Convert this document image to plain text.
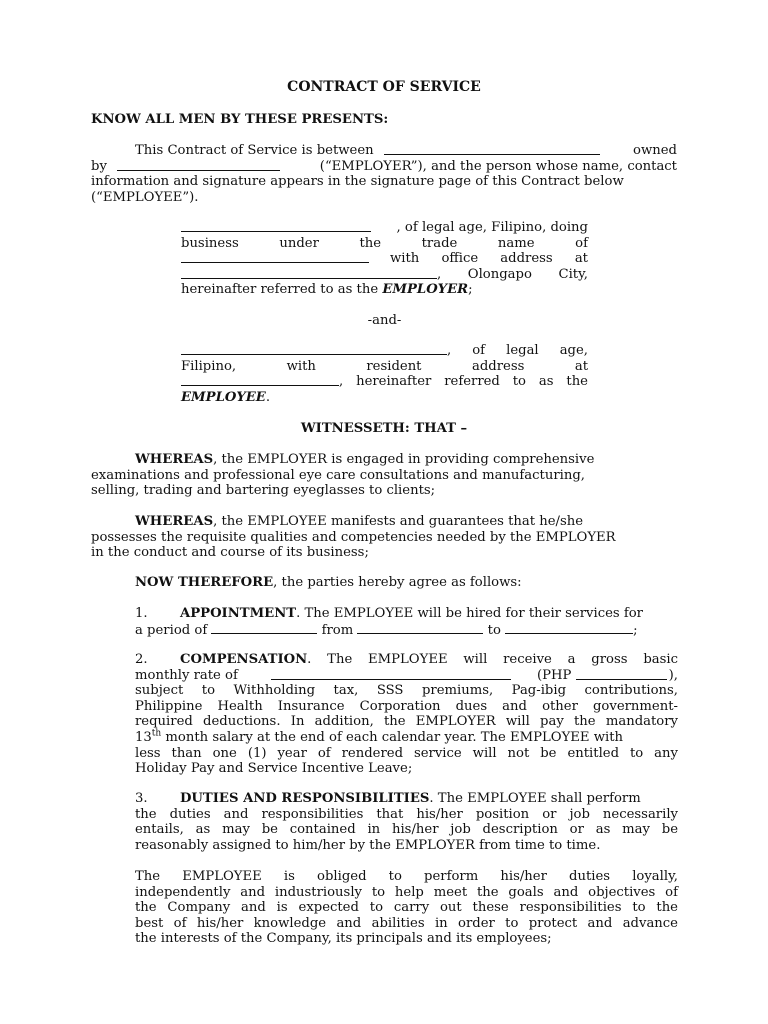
CONTRACT OF SERVICE
KNOW ALL MEN BY THESE PRESENTS:
This Contract of Service is between	owned
by	(“EMPLOYER”), and the person whose name, contact
information and signature appears in the signature page of this Contract below
(“EMPLOYEE”).
, of legal age, Filipino, doing
business under the trade name of
with office address at
, Olongapo City,
hereinafter referred to as the EMPLOYER;
-and-
, of legal age,
Filipino, with resident address at
, hereinafter referred to as the
EMPLOYEE.
WITNESSETH: THAT –
WHEREAS, the EMPLOYER is engaged in providing comprehensive
examinations and professional eye care consultations and manufacturing,
selling, trading and bartering eyeglasses to clients;
WHEREAS, the EMPLOYEE manifests and guarantees that he/she
possesses the requisite qualities and competencies needed by the EMPLOYER
in the conduct and course of its business;
NOW THEREFORE, the parties hereby agree as follows:
1. APPOINTMENT. The EMPLOYEE will be hired for their services for
a period of	from	to	;
2.	COMPENSATION. The EMPLOYEE will receive a gross basic
monthly rate of	(PHP	),
subject to Withholding tax, SSS premiums, Pag-ibig contributions,
Philippine Health Insurance Corporation dues and other government-
required deductions. In addition, the EMPLOYER will pay the mandatory
13th month salary at the end of each calendar year. The EMPLOYEE with
less than one (1) year of rendered service will not be entitled to any
Holiday Pay and Service Incentive Leave;
3. DUTIES AND RESPONSIBILITIES. The EMPLOYEE shall perform
the duties and responsibilities that his/her position or job necessarily
entails, as may be contained in his/her job description or as may be
reasonably assigned to him/her by the EMPLOYER from time to time.
The EMPLOYEE is obliged to perform his/her duties loyally,
independently and industriously to help meet the goals and objectives of
the Company and is expected to carry out these responsibilities to the
best of his/her knowledge and abilities in order to protect and advance
the interests of the Company, its principals and its employees;
